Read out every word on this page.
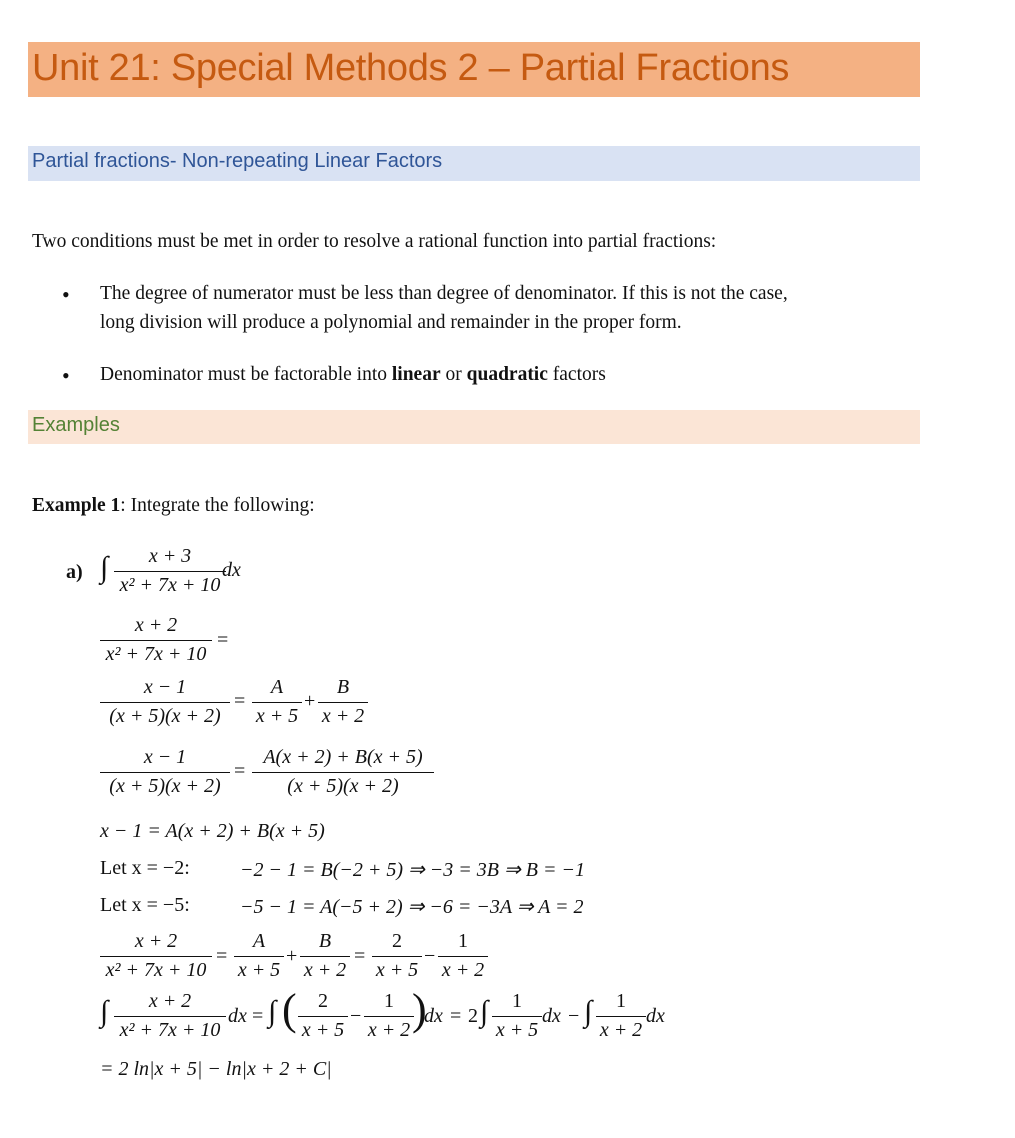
Unit 21: Special Methods 2 – Partial Fractions
Partial fractions- Non-repeating Linear Factors
Two conditions must be met in order to resolve a rational function into partial fractions:
• The degree of numerator must be less than degree of denominator. If this is not the case,
long division will produce a polynomial and remainder in the proper form.
• Denominator must be factorable into linear or quadratic factors
Examples
Example 1: Integrate the following:
a) ∫ $\frac{x + 3}{\text{x² + 7x + 10}}$
dx
$\frac{x + 2}{\text{x² + 7x + 10}}$ =
$\frac{x - 1}{(x + 5)(x + 2)} = \frac{A}{x + 5} + \frac{B}{x + 2}$
$\frac{x - 1}{(x + 5)(x + 2)} = \frac{A(x + 2) + B(x + 5)}{(x + 5)(x + 2)}$
x − 1 = A(x + 2) + B(x + 5)
Let x = −2:	−2 − 1 = B(−2 + 5) ⇒ −3 = 3B ⇒ B = −1
Let x = −5:	−5 − 1 = A(−5 + 2) ⇒ −6 = −3A ⇒ A = 2
$\frac{x + 2}{\text{x² + 7x + 10}} = \frac{A}{x + 5} + \frac{B}{x + 2} = \frac{2}{x + 5} - \frac{1}{x + 2}$
∫ $\frac{x + 2}{\text{x² + 7x + 10}}$ dx = ∫ ( $\frac{2}{x + 5} - \frac{1}{x + 2}$
)
dx = 2 ∫ $\frac{1}{x + 5}$ dx − ∫ $\frac{1}{x + 2}$ dx
= 2 ln|x + 5| − ln|x + 2 + C|
